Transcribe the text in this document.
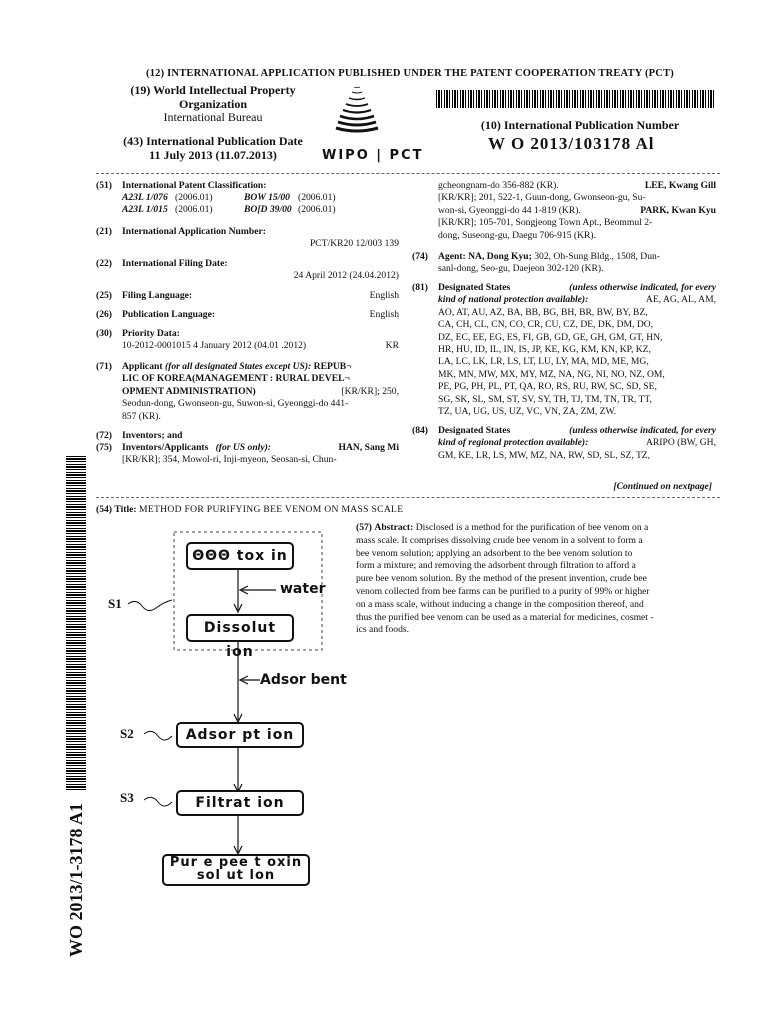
(12) INTERNATIONAL APPLICATION PUBLISHED UNDER THE PATENT COOPERATION TREATY (PCT)
(19) World Intellectual Property
Organization
International Bureau
(43) International Publication Date
11 July 2013 (11.07.2013)	WIPO | PCT
(10) International Publication Number
W O 2013/103178 Al
(51) International Patent Classification:
A23L 1/076 (2006.01)	BOW 15/00 (2006.01)
A23L 1/015 (2006.01)	BO[D 39/00 (2006.01)
(21) International Application Number:
PCT/KR20 12/003 139
(22) International Filing Date:
24 April 2012 (24.04.2012)
(25) Filing Language:	English
(26) Publication Language:	English
(30) Priority Data:
10-2012-0001015 4 January 2012 (04.01 .2012)	KR
(71) Applicant (for all designated States except US): REPUB¬
LIC OF KOREA(MANAGEMENT : RURAL DEVEL¬
OPMENT ADMINISTRATION)	[KR/KR]; 250,
Seodun-dong, Gwonseon-gu, Suwon-si, Gyeonggi-do 441-
857 (KR).
(72) Inventors; and
(75) Inventors/Applicants (for US only):	HAN, Sang Mi
[KR/KR]; 354, Mowol-ri, Inji-myeon, Seosan-si, Chun-
gcheongnam-do 356-882 (KR).	LEE, Kwang Gill
[KR/KR]; 201, 522-1, Guun-dong, Gwonseon-gu, Su-
won-si, Gyeonggi-do 44 1-819 (KR).	PARK, Kwan Kyu
[KR/KR]; 105-701, Songjeong Town Apt., Beommul 2-
dong, Suseong-gu, Daegu 706-915 (KR).
(74) Agent: NA, Dong Kyu; 302, Oh-Sung Bldg., 1508, Dun-
sanl-dong, Seo-gu, Daejeon 302-120 (KR).
(81) Designated States	(unless otherwise indicated, for every
kind of national protection available):	AE, AG, AL, AM,
AO, AT, AU, AZ, BA, BB, BG, BH, BR, BW, BY, BZ,
CA, CH, CL, CN, CO, CR, CU, CZ, DE, DK, DM, DO,
DZ, EC, EE, EG, ES, FI, GB, GD, GE, GH, GM, GT, HN,
HR, HU, ID, IL, IN, IS, JP, KE, KG, KM, KN, KP, KZ,
LA, LC, LK, LR, LS, LT, LU, LY, MA, MD, ME, MG,
MK, MN, MW, MX, MY, MZ, NA, NG, NI, NO, NZ, OM,
PE, PG, PH, PL, PT, QA, RO, RS, RU, RW, SC, SD, SE,
SG, SK, SL, SM, ST, SV, SY, TH, TJ, TM, TN, TR, TT,
TZ, UA, UG, US, UZ, VC, VN, ZA, ZM, ZW.
(84) Designated States	(unless otherwise indicated, for every
kind of regional protection available):	ARIPO (BW, GH,
GM, KE, LR, LS, MW, MZ, NA, RW, SD, SL, SZ, TZ,
[Continued on nextpage]
(54) Title: METHOD FOR PURIFYING BEE VENOM ON MASS SCALE
(57) Abstract: Disclosed is a method for the purification of bee venom on a
mass scale. It comprises dissolving crude bee venom in a solvent to form a
bee venom solution; applying an adsorbent to the bee venom solution to
form a mixture; and removing the adsorbent through filtration to afford a
pure bee venom solution. By the method of the present invention, crude bee
venom collected from bee farms can be purified to a purity of 99% or higher
on a mass scale, without inducing a change in the composition thereof, and
thus the purified bee venom can be used as a material for medicines, cosmet -
ics and foods.
ΘΘΘ tox in
water
Dissolut ion
Adsor bent
Adsor pt ion
Filtrat ion
Pur e pee t oxin
sol ut lon
S1
S2
S3
WO 2013/1-3178 A1
